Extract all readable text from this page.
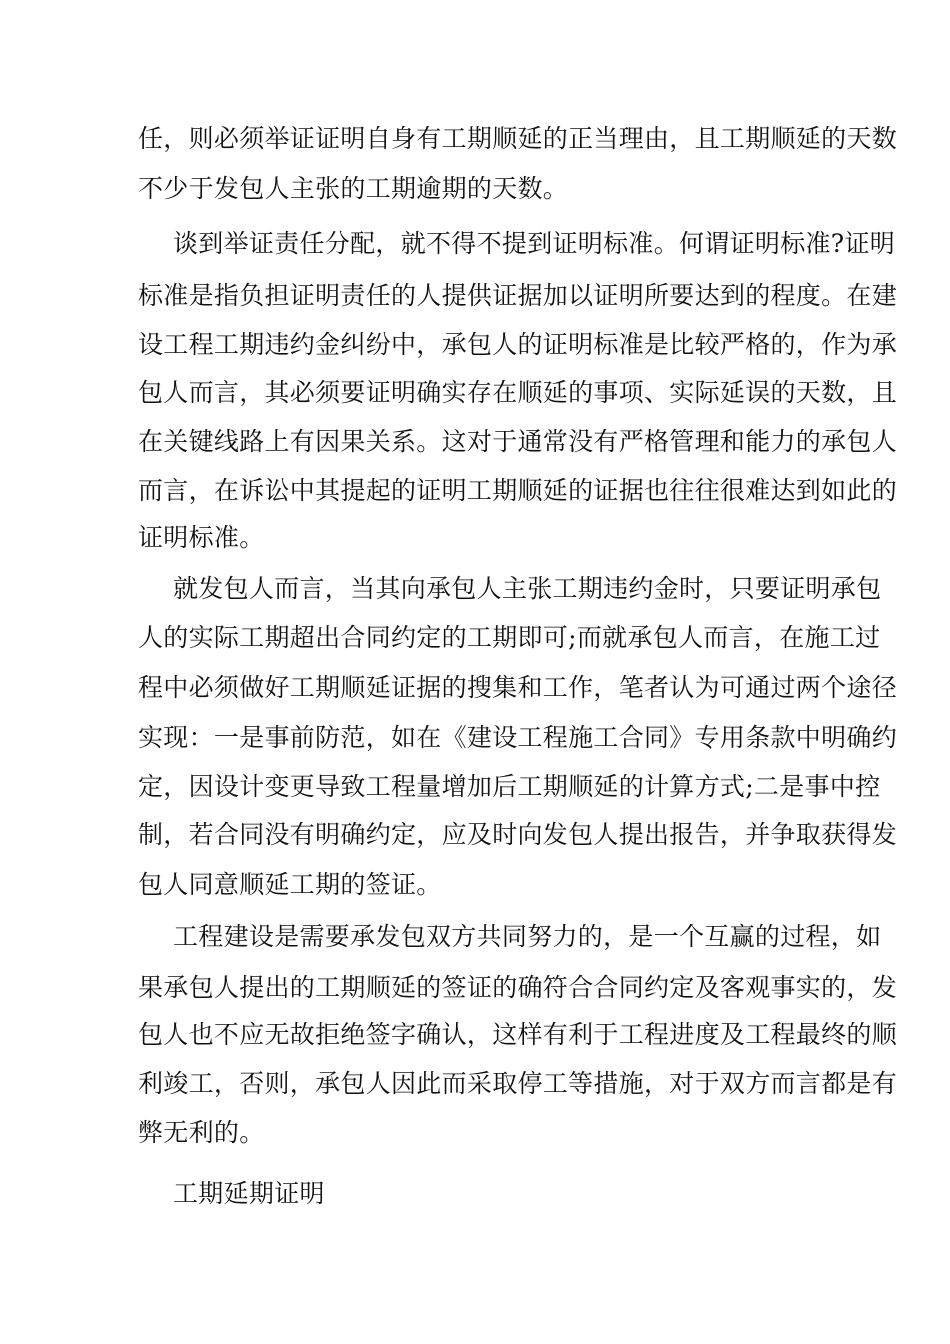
任，则必须举证证明自身有工期顺延的正当理由，且工期顺延的天数
不少于发包人主张的工期逾期的天数。
谈到举证责任分配，就不得不提到证明标准。何谓证明标准?证明
标准是指负担证明责任的人提供证据加以证明所要达到的程度。在建
设工程工期违约金纠纷中，承包人的证明标准是比较严格的，作为承
包人而言，其必须要证明确实存在顺延的事项、实际延误的天数，且
在关键线路上有因果关系。这对于通常没有严格管理和能力的承包人
而言，在诉讼中其提起的证明工期顺延的证据也往往很难达到如此的
证明标准。
就发包人而言，当其向承包人主张工期违约金时，只要证明承包
人的实际工期超出合同约定的工期即可;而就承包人而言，在施工过
程中必须做好工期顺延证据的搜集和工作，笔者认为可通过两个途径
实现：一是事前防范，如在《建设工程施工合同》专用条款中明确约
定，因设计变更导致工程量增加后工期顺延的计算方式;二是事中控
制，若合同没有明确约定，应及时向发包人提出报告，并争取获得发
包人同意顺延工期的签证。
工程建设是需要承发包双方共同努力的，是一个互赢的过程，如
果承包人提出的工期顺延的签证的确符合合同约定及客观事实的，发
包人也不应无故拒绝签字确认，这样有利于工程进度及工程最终的顺
利竣工，否则，承包人因此而采取停工等措施，对于双方而言都是有
弊无利的。
工期延期证明
